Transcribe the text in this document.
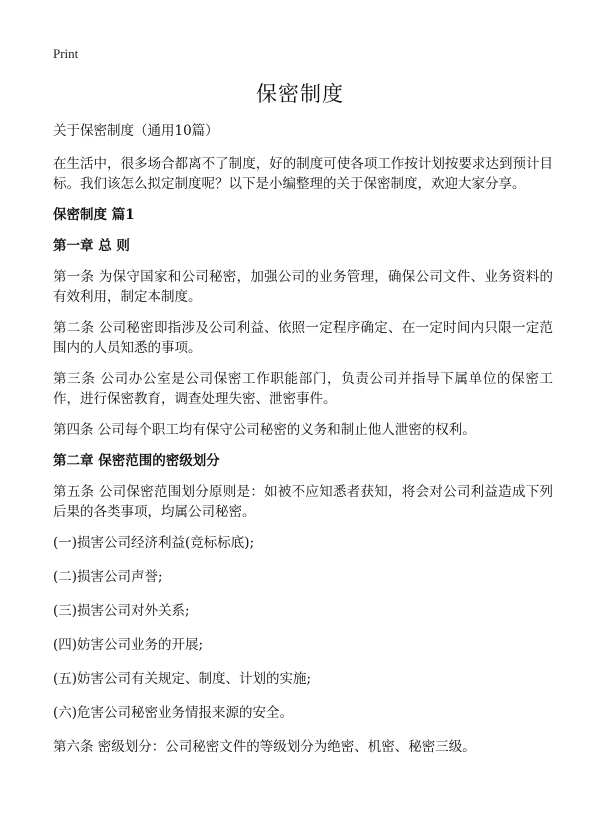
Print
保密制度

关于保密制度（通用10篇）

在生活中，很多场合都离不了制度，好的制度可使各项工作按计划按要求达到预计目标。我们该怎么拟定制度呢？以下是小编整理的关于保密制度，欢迎大家分享。

保密制度 篇1

第一章 总 则

第一条 为保守国家和公司秘密，加强公司的业务管理，确保公司文件、业务资料的有效利用，制定本制度。

第二条 公司秘密即指涉及公司利益、依照一定程序确定、在一定时间内只限一定范围内的人员知悉的事项。

第三条 公司办公室是公司保密工作职能部门，负责公司并指导下属单位的保密工作，进行保密教育，调查处理失密、泄密事件。

第四条 公司每个职工均有保守公司秘密的义务和制止他人泄密的权利。

第二章 保密范围的密级划分

第五条 公司保密范围划分原则是：如被不应知悉者获知，将会对公司利益造成下列后果的各类事项，均属公司秘密。

(一)损害公司经济利益(竞标标底);

(二)损害公司声誉;

(三)损害公司对外关系;

(四)妨害公司业务的开展;

(五)妨害公司有关规定、制度、计划的实施;

(六)危害公司秘密业务情报来源的安全。

第六条 密级划分：公司秘密文件的等级划分为绝密、机密、秘密三级。
